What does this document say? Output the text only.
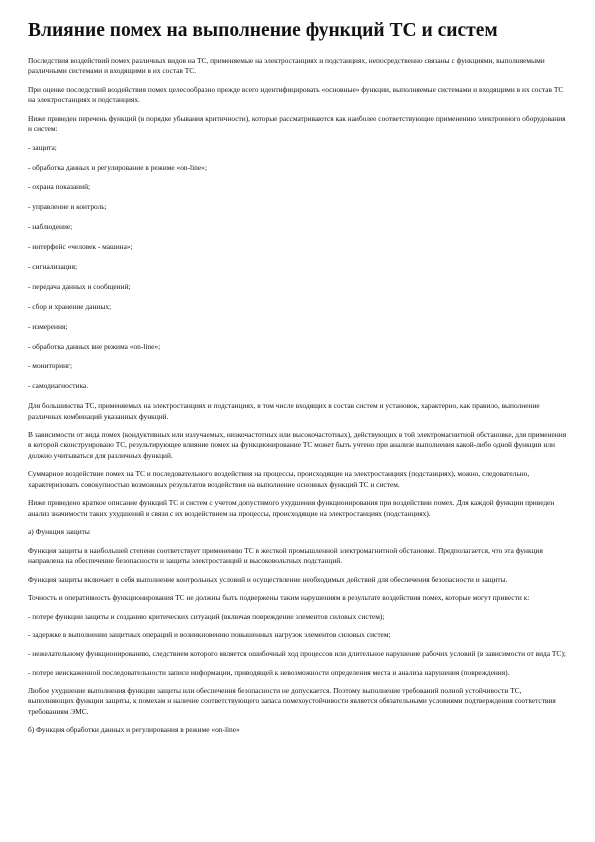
Влияние помех на выполнение функций ТС и систем

Последствия воздействий помех различных видов на ТС, применяемые на электростанциях и подстанциях, непосредственно связаны с функциями, выполняемыми различными системами и входящими в их состав ТС.

При оценке последствий воздействия помех целесообразно прежде всего идентифицировать «основные» функции, выполняемые системами и входящими в их состав ТС на электростанциях и подстанциях.

Ниже приведен перечень функций (в порядке убывания критичности), которые рассматриваются как наиболее соответствующие применению электронного оборудования и систем:

- защита;

- обработка данных и регулирование в режиме «on-line»;

- охрана показаний;

- управление и контроль;

- наблюдение;

- интерфейс «человек - машина»;

- сигнализация;

- передача данных и сообщений;

- сбор и хранение данных;

- измерения;

- обработка данных вне режима «on-line»;

- мониторинг;

- самодиагностика.

Для большинства ТС, применяемых на электростанциях и подстанциях, в том числе входящих в состав систем и установок, характерно, как правило, выполнение различных комбинаций указанных функций.

В зависимости от вида помех (кондуктивных или излучаемых, низкочастотных или высокочастотных), действующих в той электромагнитной обстановке, для применения в которой сконструировано ТС, результирующее влияние помех на функционирование ТС может быть учтено при анализе выполнения какой-либо одной функции или должно учитываться для различных функций.

Суммарное воздействие помех на ТС и последовательного воздействия на процессы, происходящие на электростанциях (подстанциях), можно, следовательно, характеризовать совокупностью возможных результатов воздействия на выполнение основных функций ТС и систем.

Ниже приведено краткое описание функций ТС и систем с учетом допустимого ухудшения функционирования при воздействии помех. Для каждой функции приведен анализ значимости таких ухудшений в связи с их воздействием на процессы, происходящие на электростанциях (подстанциях).

а) Функция защиты

Функция защиты в наибольшей степени соответствует применению ТС в жесткой промышленной электромагнитной обстановке. Предполагается, что эта функция направлена на обеспечение безопасности и защиты электростанций и высоковольтных подстанций.

Функция защиты включает в себя выполнение контрольных условий и осуществление необходимых действий для обеспечения безопасности и защиты.

Точность и оперативность функционирования ТС не должны быть подвержены таким нарушениям в результате воздействия помех, которые могут привести к:

- потере функции защиты и созданию критических ситуаций (включая повреждение элементов силовых систем);

- задержке в выполнении защитных операций и возникновению повышенных нагрузок элементов силовых систем;

- нежелательному функционированию, следствием которого является ошибочный ход процессов или длительное нарушение рабочих условий (в зависимости от вида ТС);

- потере неискаженной последовательности записи информации, приводящей к невозможности определения места и анализа нарушения (повреждения).

Любое ухудшение выполнения функции защиты или обеспечения безопасности не допускается. Поэтому выполнение требований полной устойчивости ТС, выполняющих функции защиты, к помехам и наличие соответствующего запаса помехоустойчивости является обязательными условиями подтверждения соответствия требованиям ЭМС.

б) Функция обработки данных и регулирования в режиме «on-line»
